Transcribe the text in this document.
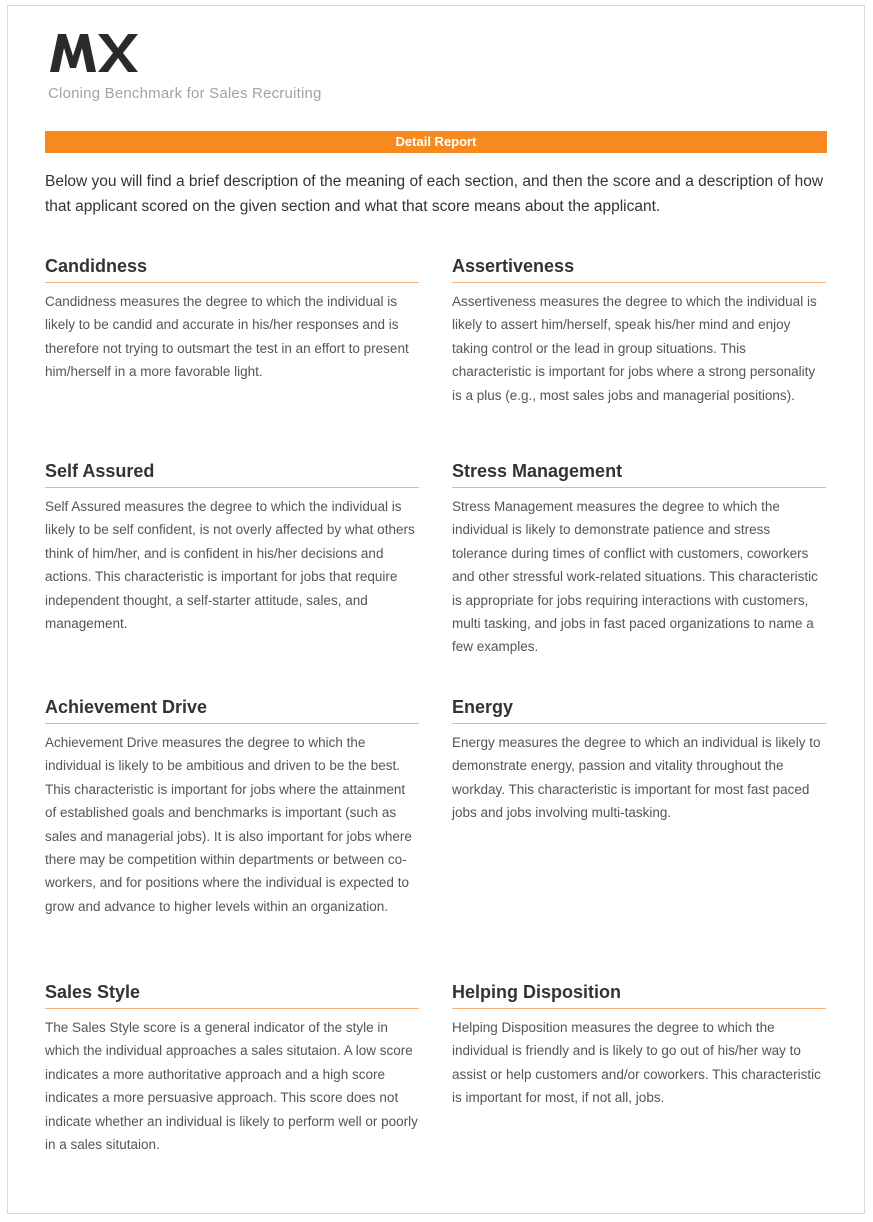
Cloning Benchmark for Sales Recruiting
Detail Report
Below you will find a brief description of the meaning of each section, and then the score and a description of how that applicant scored on the given section and what that score means about the applicant.
Candidness

Candidness measures the degree to which the individual is likely to be candid and accurate in his/her responses and is therefore not trying to outsmart the test in an effort to present him/herself in a more favorable light.

Assertiveness

Assertiveness measures the degree to which the individual is likely to assert him/herself, speak his/her mind and enjoy taking control or the lead in group situations. This characteristic is important for jobs where a strong personality is a plus (e.g., most sales jobs and managerial positions).

Self Assured

Self Assured measures the degree to which the individual is likely to be self confident, is not overly affected by what others think of him/her, and is confident in his/her decisions and actions. This characteristic is important for jobs that require independent thought, a self-starter attitude, sales, and management.

Stress Management

Stress Management measures the degree to which the individual is likely to demonstrate patience and stress tolerance during times of conflict with customers, coworkers and other stressful work-related situations. This characteristic is appropriate for jobs requiring interactions with customers, multi tasking, and jobs in fast paced organizations to name a few examples.

Achievement Drive

Achievement Drive measures the degree to which the individual is likely to be ambitious and driven to be the best. This characteristic is important for jobs where the attainment of established goals and benchmarks is important (such as sales and managerial jobs). It is also important for jobs where there may be competition within departments or between co-workers, and for positions where the individual is expected to grow and advance to higher levels within an organization.

Energy

Energy measures the degree to which an individual is likely to demonstrate energy, passion and vitality throughout the workday. This characteristic is important for most fast paced jobs and jobs involving multi-tasking.

Sales Style

The Sales Style score is a general indicator of the style in which the individual approaches a sales situtaion. A low score indicates a more authoritative approach and a high score indicates a more persuasive approach. This score does not indicate whether an individual is likely to perform well or poorly in a sales situtaion.

Helping Disposition

Helping Disposition measures the degree to which the individual is friendly and is likely to go out of his/her way to assist or help customers and/or coworkers. This characteristic is important for most, if not all, jobs.
